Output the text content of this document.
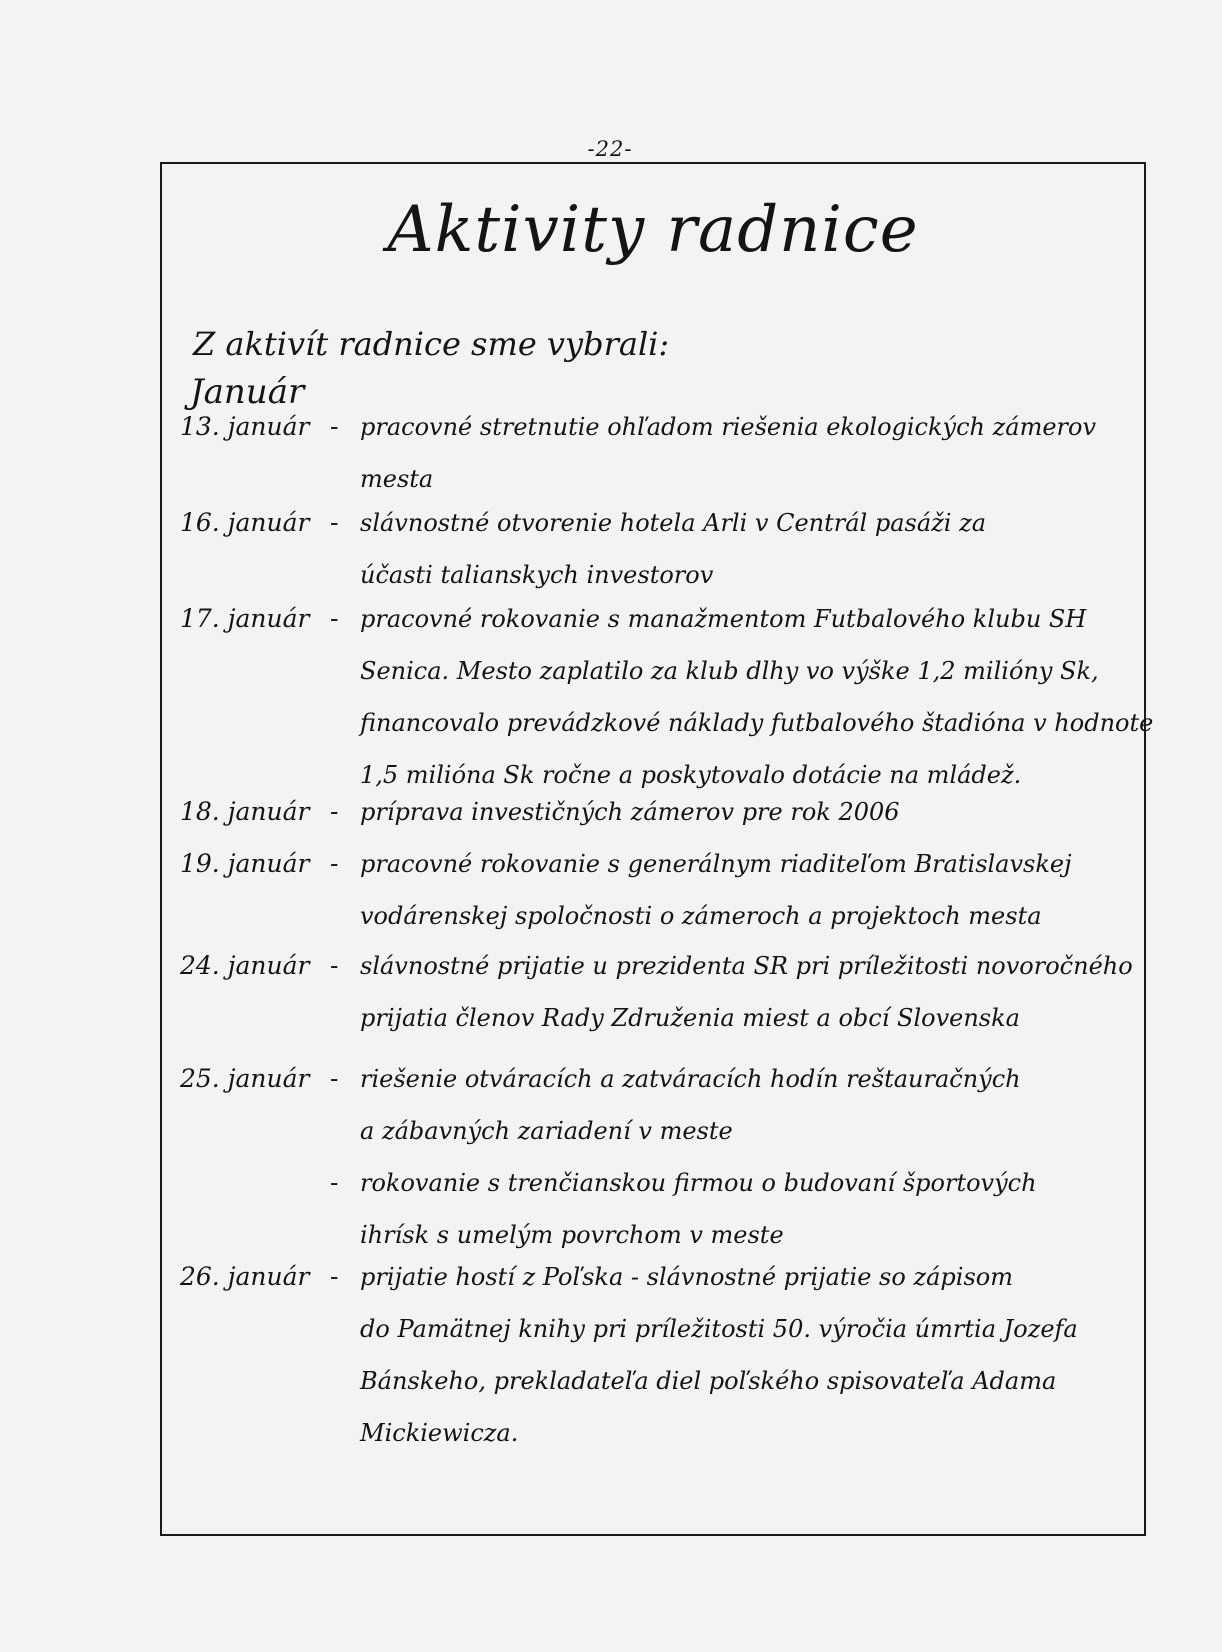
-22-
Aktivity radnice
Z aktivít radnice sme vybrali:
Január
13. január - pracovné stretnutie ohľadom riešenia ekologických zámerov
mesta
16. január - slávnostné otvorenie hotela Arli v Centrál pasáži za
účasti talianskych investorov
17. január - pracovné rokovanie s manažmentom Futbalového klubu SH
Senica. Mesto zaplatilo za klub dlhy vo výške 1,2 milióny Sk,
financovalo prevádzkové náklady futbalového štadióna v hodnote
1,5 milióna Sk ročne a poskytovalo dotácie na mládež.
18. január - príprava investičných zámerov pre rok 2006
19. január - pracovné rokovanie s generálnym riaditeľom Bratislavskej
vodárenskej spoločnosti o zámeroch a projektoch mesta
24. január - slávnostné prijatie u prezidenta SR pri príležitosti novoročného
prijatia členov Rady Združenia miest a obcí Slovenska
25. január - riešenie otváracích a zatváracích hodín reštauračných
a zábavných zariadení v meste
- rokovanie s trenčianskou firmou o budovaní športových
ihrísk s umelým povrchom v meste
26. január - prijatie hostí z Poľska - slávnostné prijatie so zápisom
do Pamätnej knihy pri príležitosti 50. výročia úmrtia Jozefa
Bánskeho, prekladateľa diel poľského spisovateľa Adama
Mickiewicza.
